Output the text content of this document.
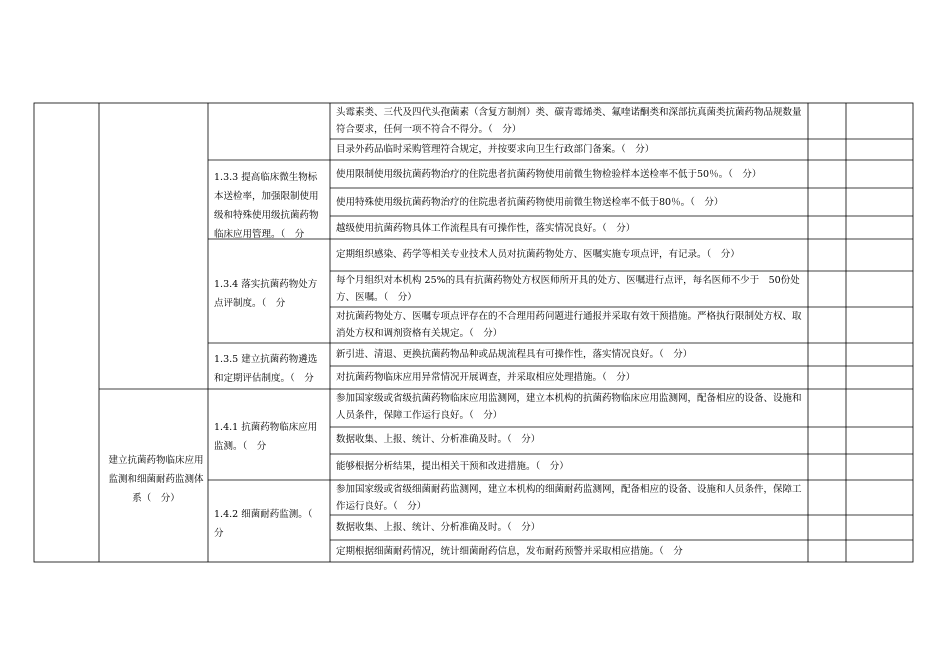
建立抗菌药物临床应用监测和细菌耐药监测体系（　分）
1.3.3 提高临床微生物标本送检率，加强限制使用级和特殊使用级抗菌药物临床应用管理。（　分
1.3.4 落实抗菌药物处方点评制度。（　分
1.3.5 建立抗菌药物遴选和定期评估制度。（　分
1.4.1 抗菌药物临床应用监测。（　分
1.4.2 细菌耐药监测。（　分
头霉素类、三代及四代头孢菌素（含复方制剂）类、碳青霉烯类、氟喹诺酮类和深部抗真菌类抗菌药物品规数量符合要求，任何一项不符合不得分。（　分）
目录外药品临时采购管理符合规定，并按要求向卫生行政部门备案。（　分）
使用限制使用级抗菌药物治疗的住院患者抗菌药物使用前微生物检验样本送检率不低于50％。（　分）
使用特殊使用级抗菌药物治疗的住院患者抗菌药物使用前微生物送检率不低于80％。（　分）
越级使用抗菌药物具体工作流程具有可操作性，落实情况良好。（　分）
定期组织感染、药学等相关专业技术人员对抗菌药物处方、医嘱实施专项点评，有记录。（　分）
每个月组织对本机构 25%的具有抗菌药物处方权医师所开具的处方、医嘱进行点评，每名医师不少于　50份处方、医嘱。（　分）
对抗菌药物处方、医嘱专项点评存在的不合理用药问题进行通报并采取有效干预措施。严格执行限制处方权、取消处方权和调剂资格有关规定。（　分）
新引进、清退、更换抗菌药物品种或品规流程具有可操作性，落实情况良好。（　分）
对抗菌药物临床应用异常情况开展调查，并采取相应处理措施。（　分）
参加国家级或省级抗菌药物临床应用监测网，建立本机构的抗菌药物临床应用监测网，配备相应的设备、设施和人员条件，保障工作运行良好。（　分）
数据收集、上报、统计、分析准确及时。（　分）
能够根据分析结果，提出相关干预和改进措施。（　分）
参加国家级或省级细菌耐药监测网，建立本机构的细菌耐药监测网，配备相应的设备、设施和人员条件，保障工作运行良好。（　分）
数据收集、上报、统计、分析准确及时。（　分）
定期根据细菌耐药情况，统计细菌耐药信息，发布耐药预警并采取相应措施。（　分
